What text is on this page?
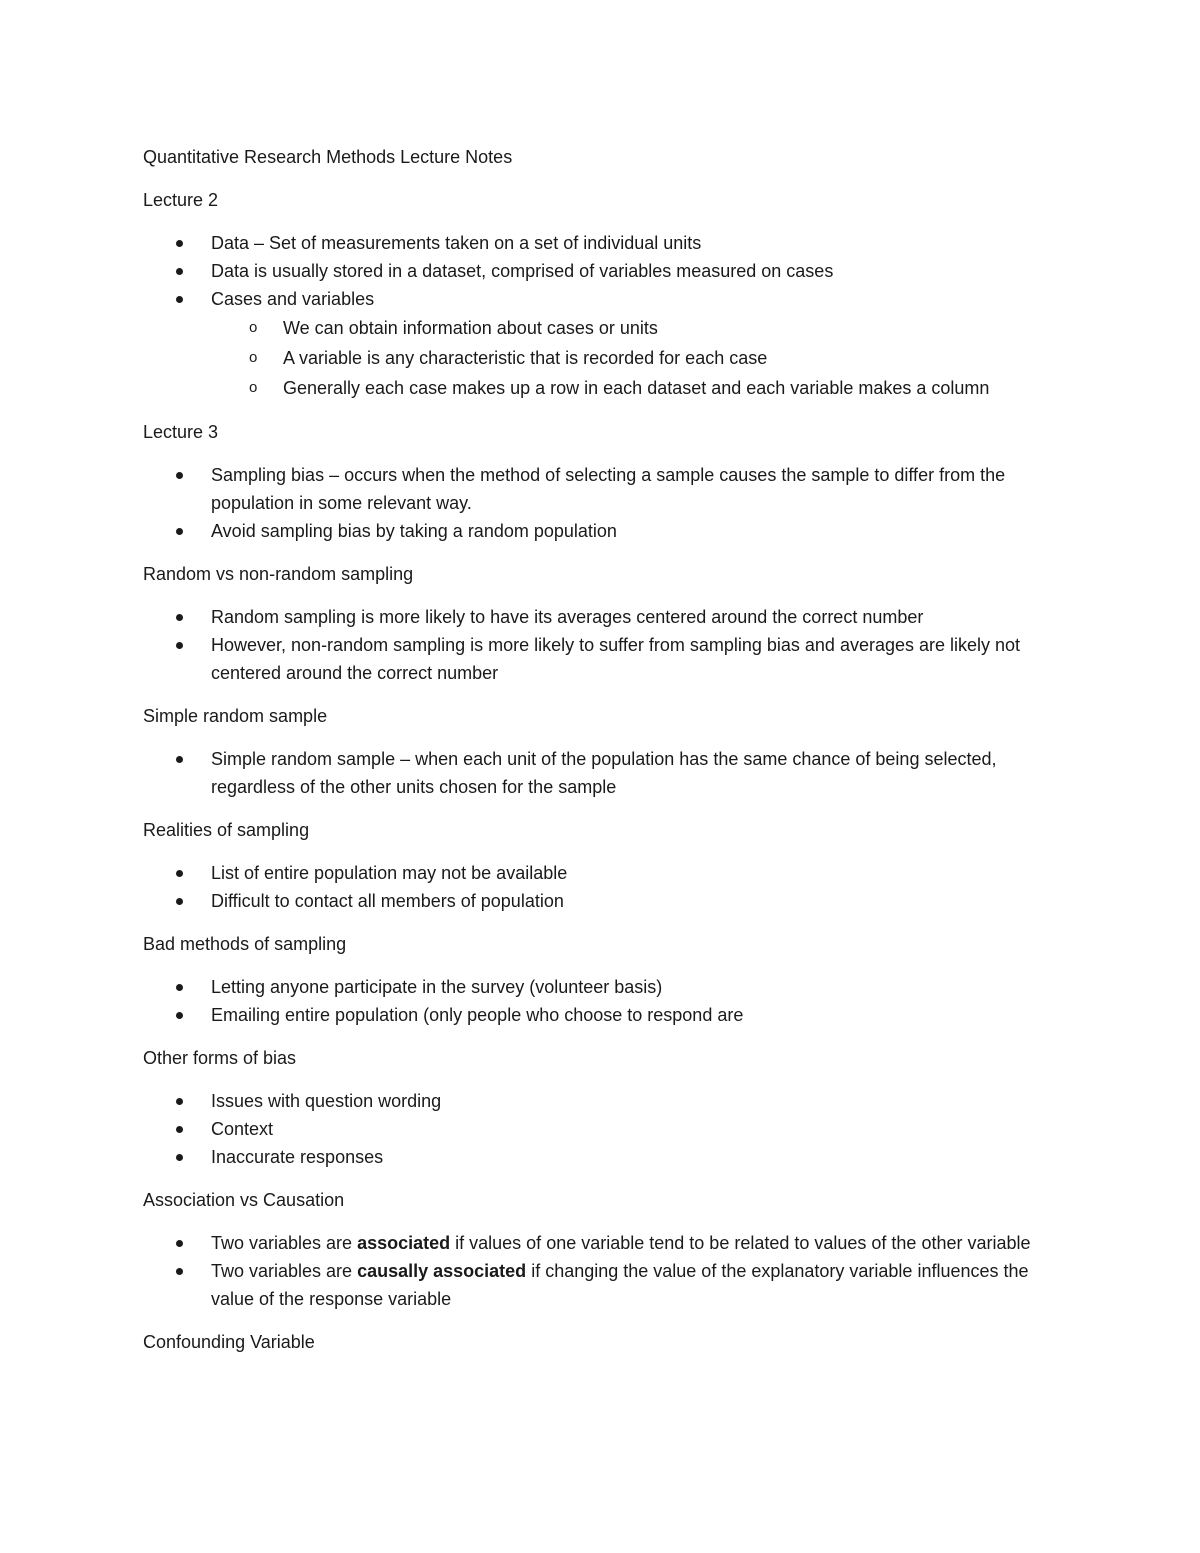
Quantitative Research Methods Lecture Notes

Lecture 2

Data – Set of measurements taken on a set of individual units
Data is usually stored in a dataset, comprised of variables measured on cases
Cases and variables
o We can obtain information about cases or units
o A variable is any characteristic that is recorded for each case
o Generally each case makes up a row in each dataset and each variable makes a column

Lecture 3

Sampling bias – occurs when the method of selecting a sample causes the sample to differ from the population in some relevant way.
Avoid sampling bias by taking a random population

Random vs non-random sampling

Random sampling is more likely to have its averages centered around the correct number
However, non-random sampling is more likely to suffer from sampling bias and averages are likely not centered around the correct number

Simple random sample

Simple random sample – when each unit of the population has the same chance of being selected, regardless of the other units chosen for the sample

Realities of sampling

List of entire population may not be available
Difficult to contact all members of population

Bad methods of sampling

Letting anyone participate in the survey (volunteer basis)
Emailing entire population (only people who choose to respond are

Other forms of bias

Issues with question wording
Context
Inaccurate responses

Association vs Causation

Two variables are associated if values of one variable tend to be related to values of the other variable
Two variables are causally associated if changing the value of the explanatory variable influences the value of the response variable

Confounding Variable
